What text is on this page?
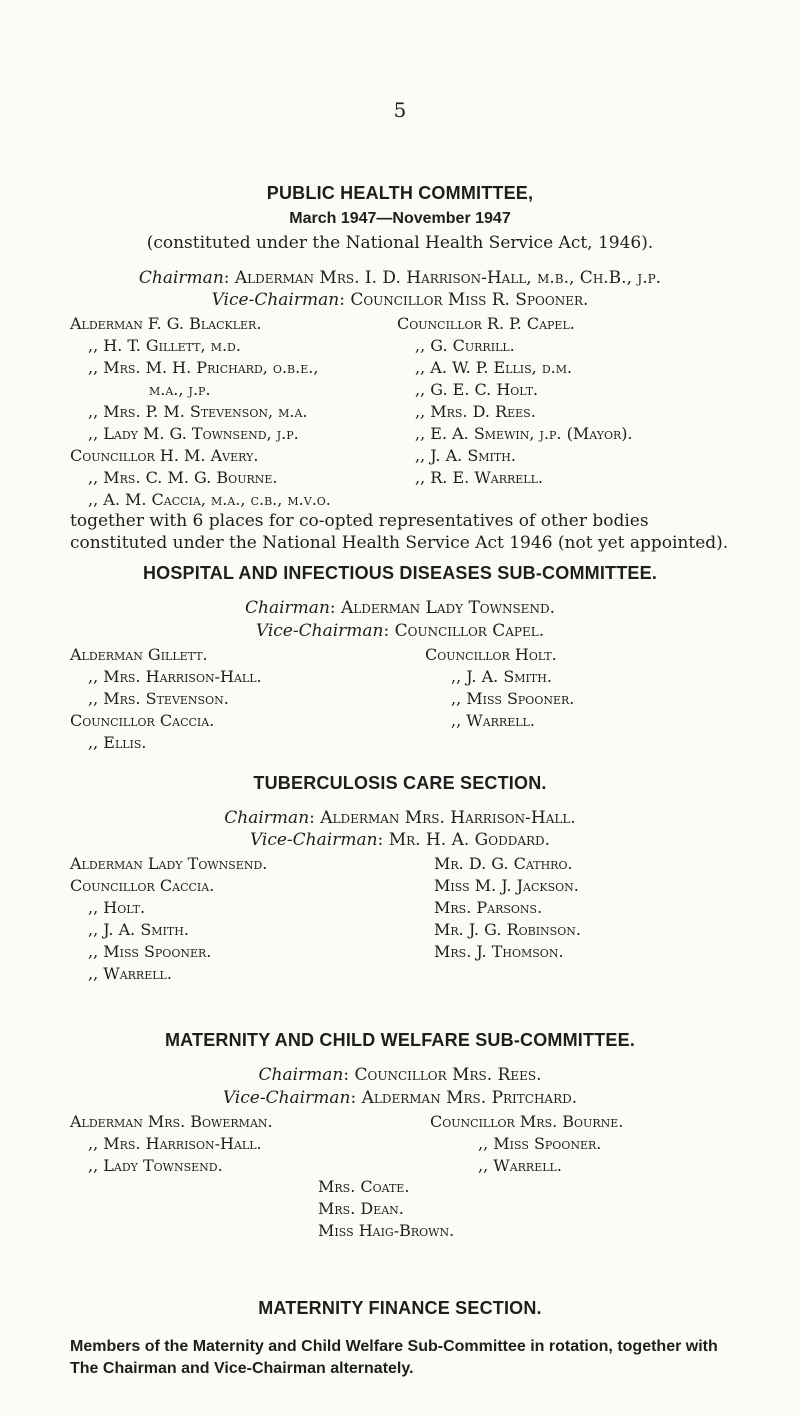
5
PUBLIC HEALTH COMMITTEE,
March 1947—November 1947
(constituted under the National Health Service Act, 1946).
Chairman: Alderman Mrs. I. D. Harrison-Hall, m.b., Ch.B., j.p.
Vice-Chairman: Councillor Miss R. Spooner.
Alderman F. G. Blackler.
,, H. T. Gillett, m.d.
,, Mrs. M. H. Prichard, o.b.e.,
m.a., j.p.
,, Mrs. P. M. Stevenson, m.a.
,, Lady M. G. Townsend, j.p.
Councillor H. M. Avery.
,, Mrs. C. M. G. Bourne.
,, A. M. Caccia, m.a., c.b., m.v.o.
Councillor R. P. Capel.
,, G. Currill.
,, A. W. P. Ellis, d.m.
,, G. E. C. Holt.
,, Mrs. D. Rees.
,, E. A. Smewin, j.p. (Mayor).
,, J. A. Smith.
,, R. E. Warrell.
together with 6 places for co-opted representatives of other bodies constituted under the National Health Service Act 1946 (not yet appointed).
HOSPITAL AND INFECTIOUS DISEASES SUB-COMMITTEE.
Chairman: Alderman Lady Townsend.
Vice-Chairman: Councillor Capel.
Alderman Gillett.
,, Mrs. Harrison-Hall.
,, Mrs. Stevenson.
Councillor Caccia.
,, Ellis.
Councillor Holt.
,, J. A. Smith.
,, Miss Spooner.
,, Warrell.
TUBERCULOSIS CARE SECTION.
Chairman: Alderman Mrs. Harrison-Hall.
Vice-Chairman: Mr. H. A. Goddard.
Alderman Lady Townsend.
Councillor Caccia.
,, Holt.
,, J. A. Smith.
,, Miss Spooner.
,, Warrell.
Mr. D. G. Cathro.
Miss M. J. Jackson.
Mrs. Parsons.
Mr. J. G. Robinson.
Mrs. J. Thomson.
MATERNITY AND CHILD WELFARE SUB-COMMITTEE.
Chairman: Councillor Mrs. Rees.
Vice-Chairman: Alderman Mrs. Pritchard.
Alderman Mrs. Bowerman.
,, Mrs. Harrison-Hall.
,, Lady Townsend.
Councillor Mrs. Bourne.
,, Miss Spooner.
,, Warrell.
Mrs. Coate.
Mrs. Dean.
Miss Haig-Brown.
MATERNITY FINANCE SECTION.
Members of the Maternity and Child Welfare Sub-Committee in rotation, together with The Chairman and Vice-Chairman alternately.
